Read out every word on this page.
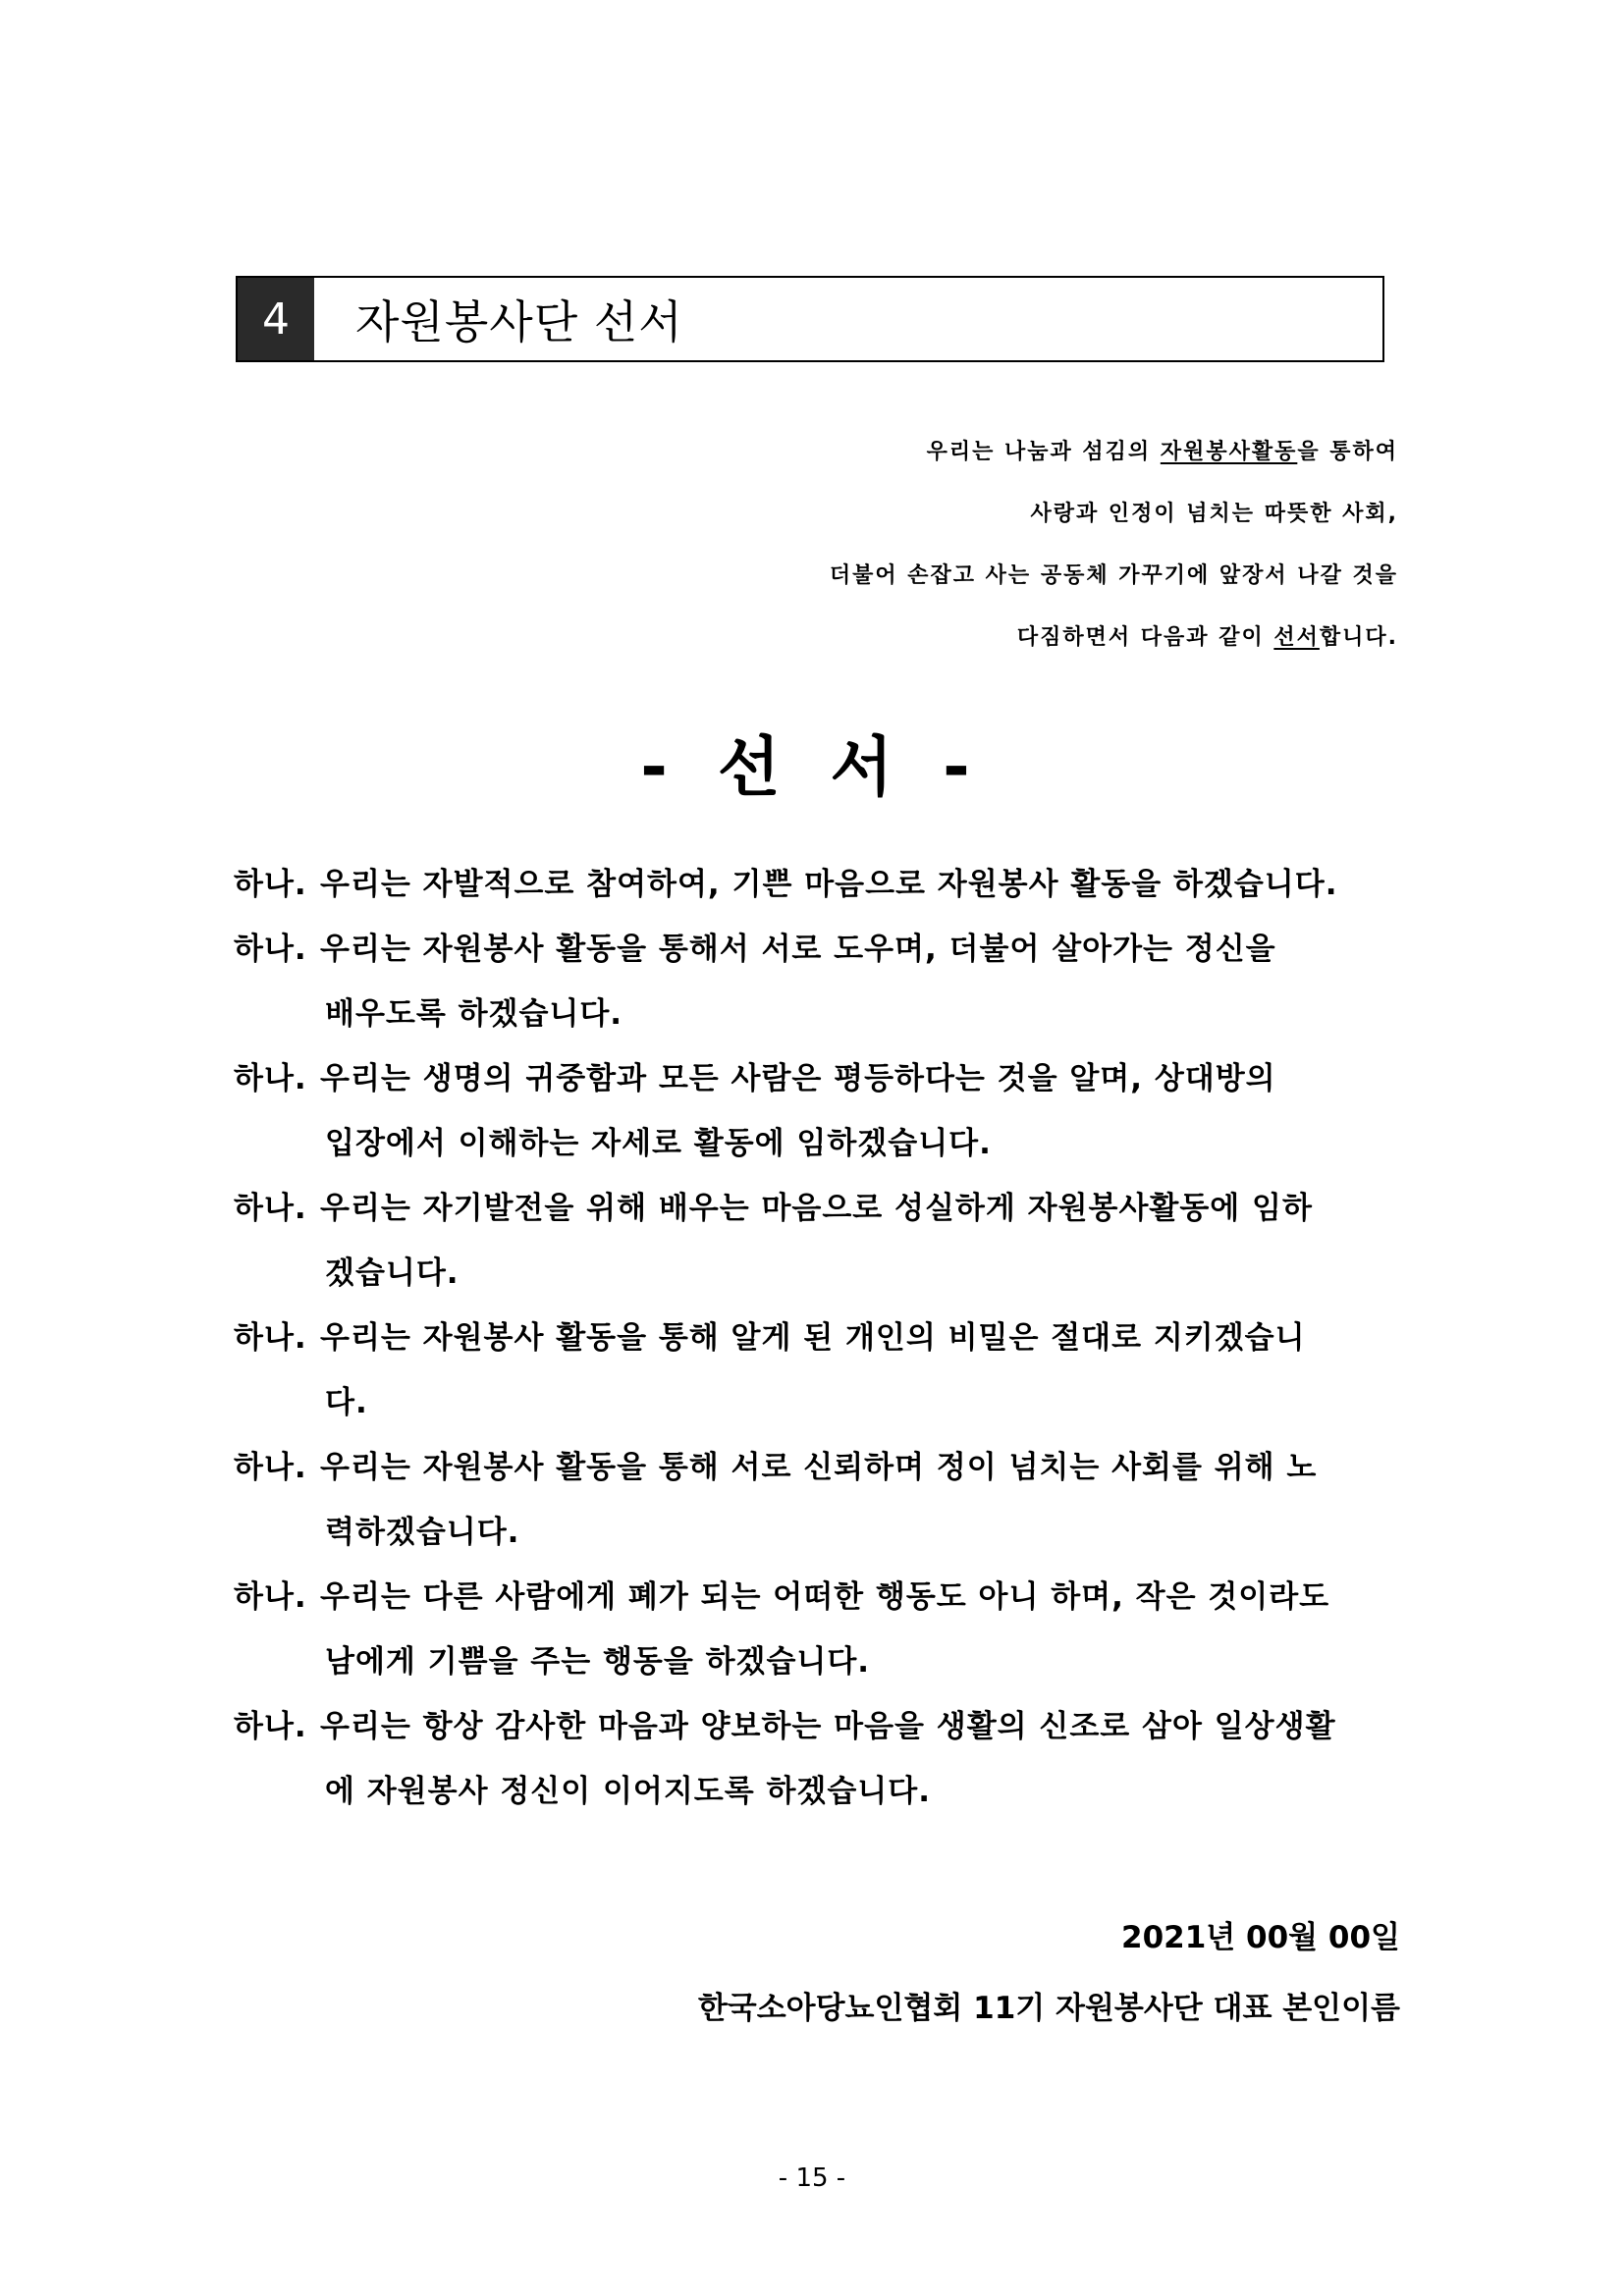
4	자원봉사단 선서
우리는 나눔과 섬김의 자원봉사활동을 통하여
사랑과 인정이 넘치는 따뜻한 사회,
더불어 손잡고 사는 공동체 가꾸기에 앞장서 나갈 것을
다짐하면서 다음과 같이 선서합니다.
- 선 서 -
하나. 우리는 자발적으로 참여하여, 기쁜 마음으로 자원봉사 활동을 하겠습니다.
하나. 우리는 자원봉사 활동을 통해서 서로 도우며, 더불어 살아가는 정신을
배우도록 하겠습니다.
하나. 우리는 생명의 귀중함과 모든 사람은 평등하다는 것을 알며, 상대방의
입장에서 이해하는 자세로 활동에 임하겠습니다.
하나. 우리는 자기발전을 위해 배우는 마음으로 성실하게 자원봉사활동에 임하
겠습니다.
하나. 우리는 자원봉사 활동을 통해 알게 된 개인의 비밀은 절대로 지키겠습니
다.
하나. 우리는 자원봉사 활동을 통해 서로 신뢰하며 정이 넘치는 사회를 위해 노
력하겠습니다.
하나. 우리는 다른 사람에게 폐가 되는 어떠한 행동도 아니 하며, 작은 것이라도
남에게 기쁨을 주는 행동을 하겠습니다.
하나. 우리는 항상 감사한 마음과 양보하는 마음을 생활의 신조로 삼아 일상생활
에 자원봉사 정신이 이어지도록 하겠습니다.
2021년 00월 00일
한국소아당뇨인협회 11기 자원봉사단 대표 본인이름
- 15 -
